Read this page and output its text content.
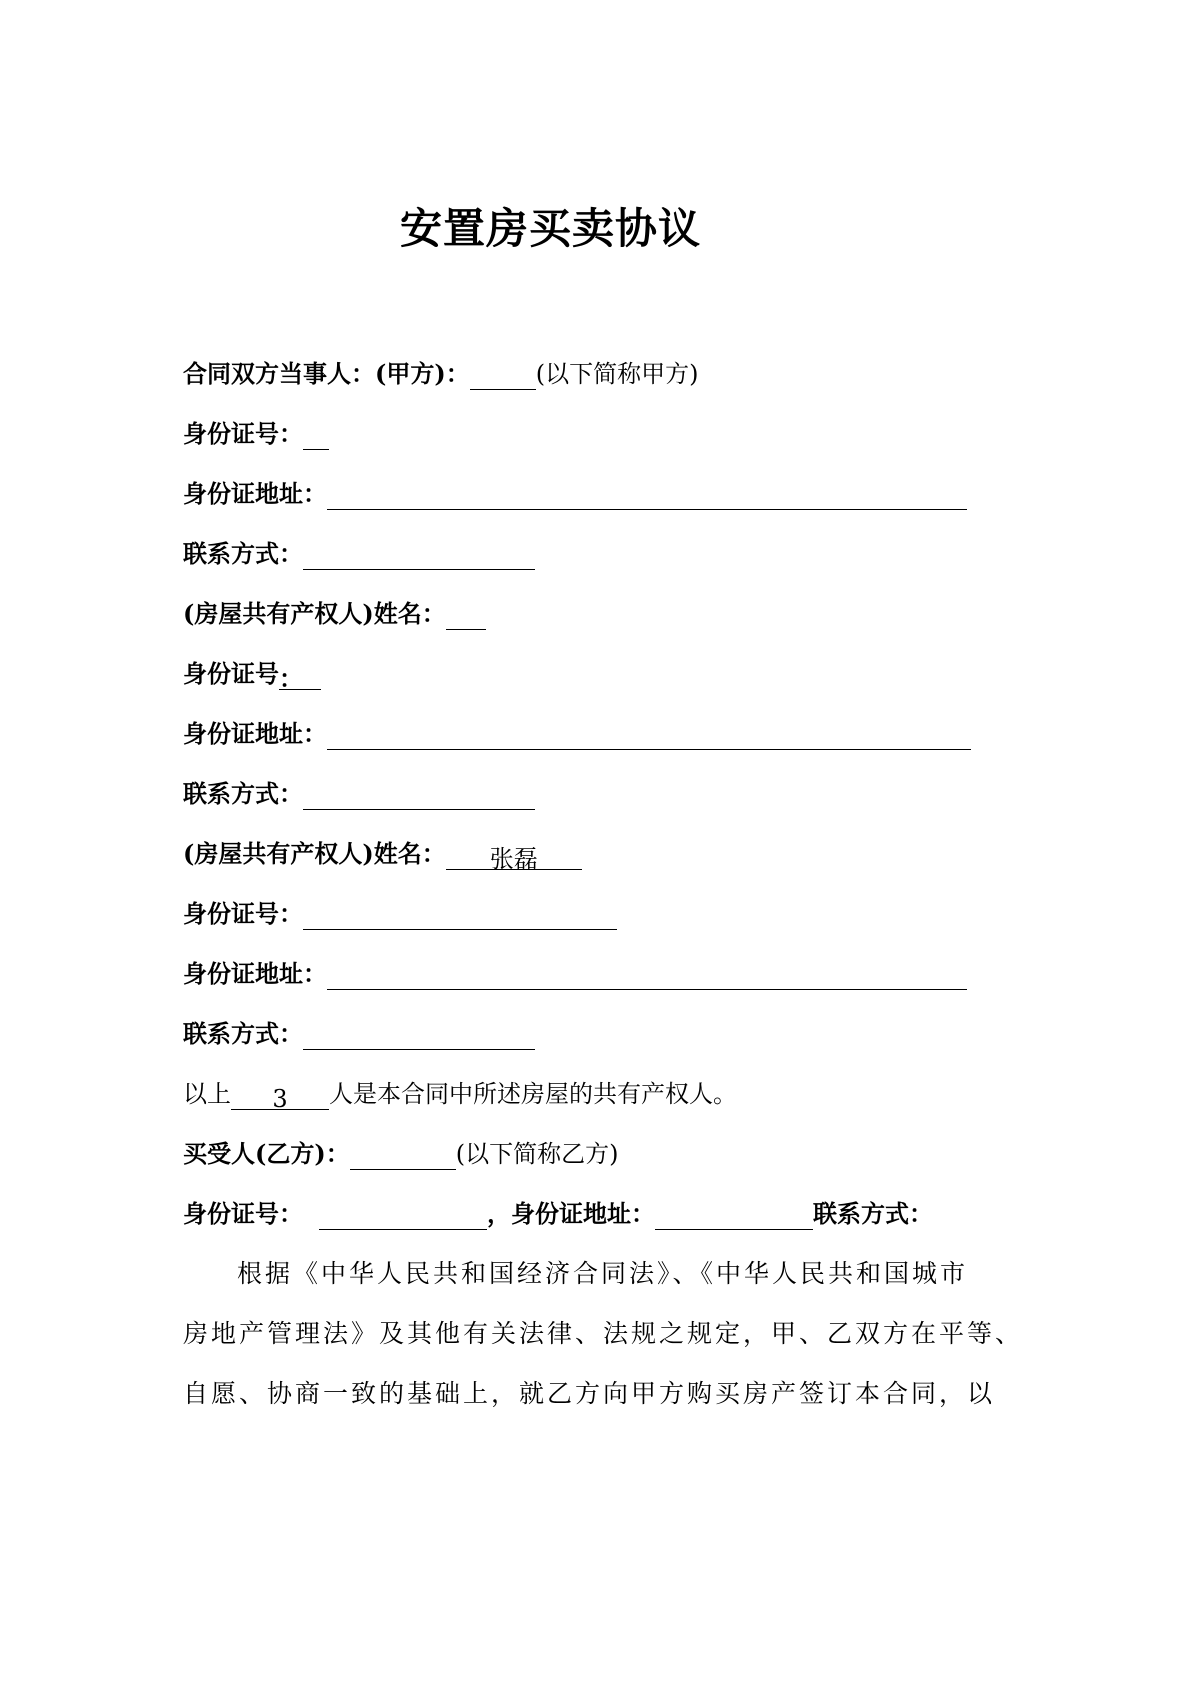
安置房买卖协议
合同双方当事人：(甲方)：	(以下简称甲方)
身份证号：
身份证地址：
联系方式：
(房屋共有产权人)姓名：
身份证号：
身份证地址：
联系方式：
(房屋共有产权人)姓名： 张磊
身份证号：
身份证地址：
联系方式：
以上 3 人是本合同中所述房屋的共有产权人。
买受人(乙方)：	(以下简称乙方)
身份证号：	，身份证地址：	联系方式：
根据《中华人民共和国经济合同法》、《中华人民共和国城市
房地产管理法》及其他有关法律、法规之规定，甲、乙双方在平等、
自愿、协商一致的基础上，就乙方向甲方购买房产签订本合同，以
